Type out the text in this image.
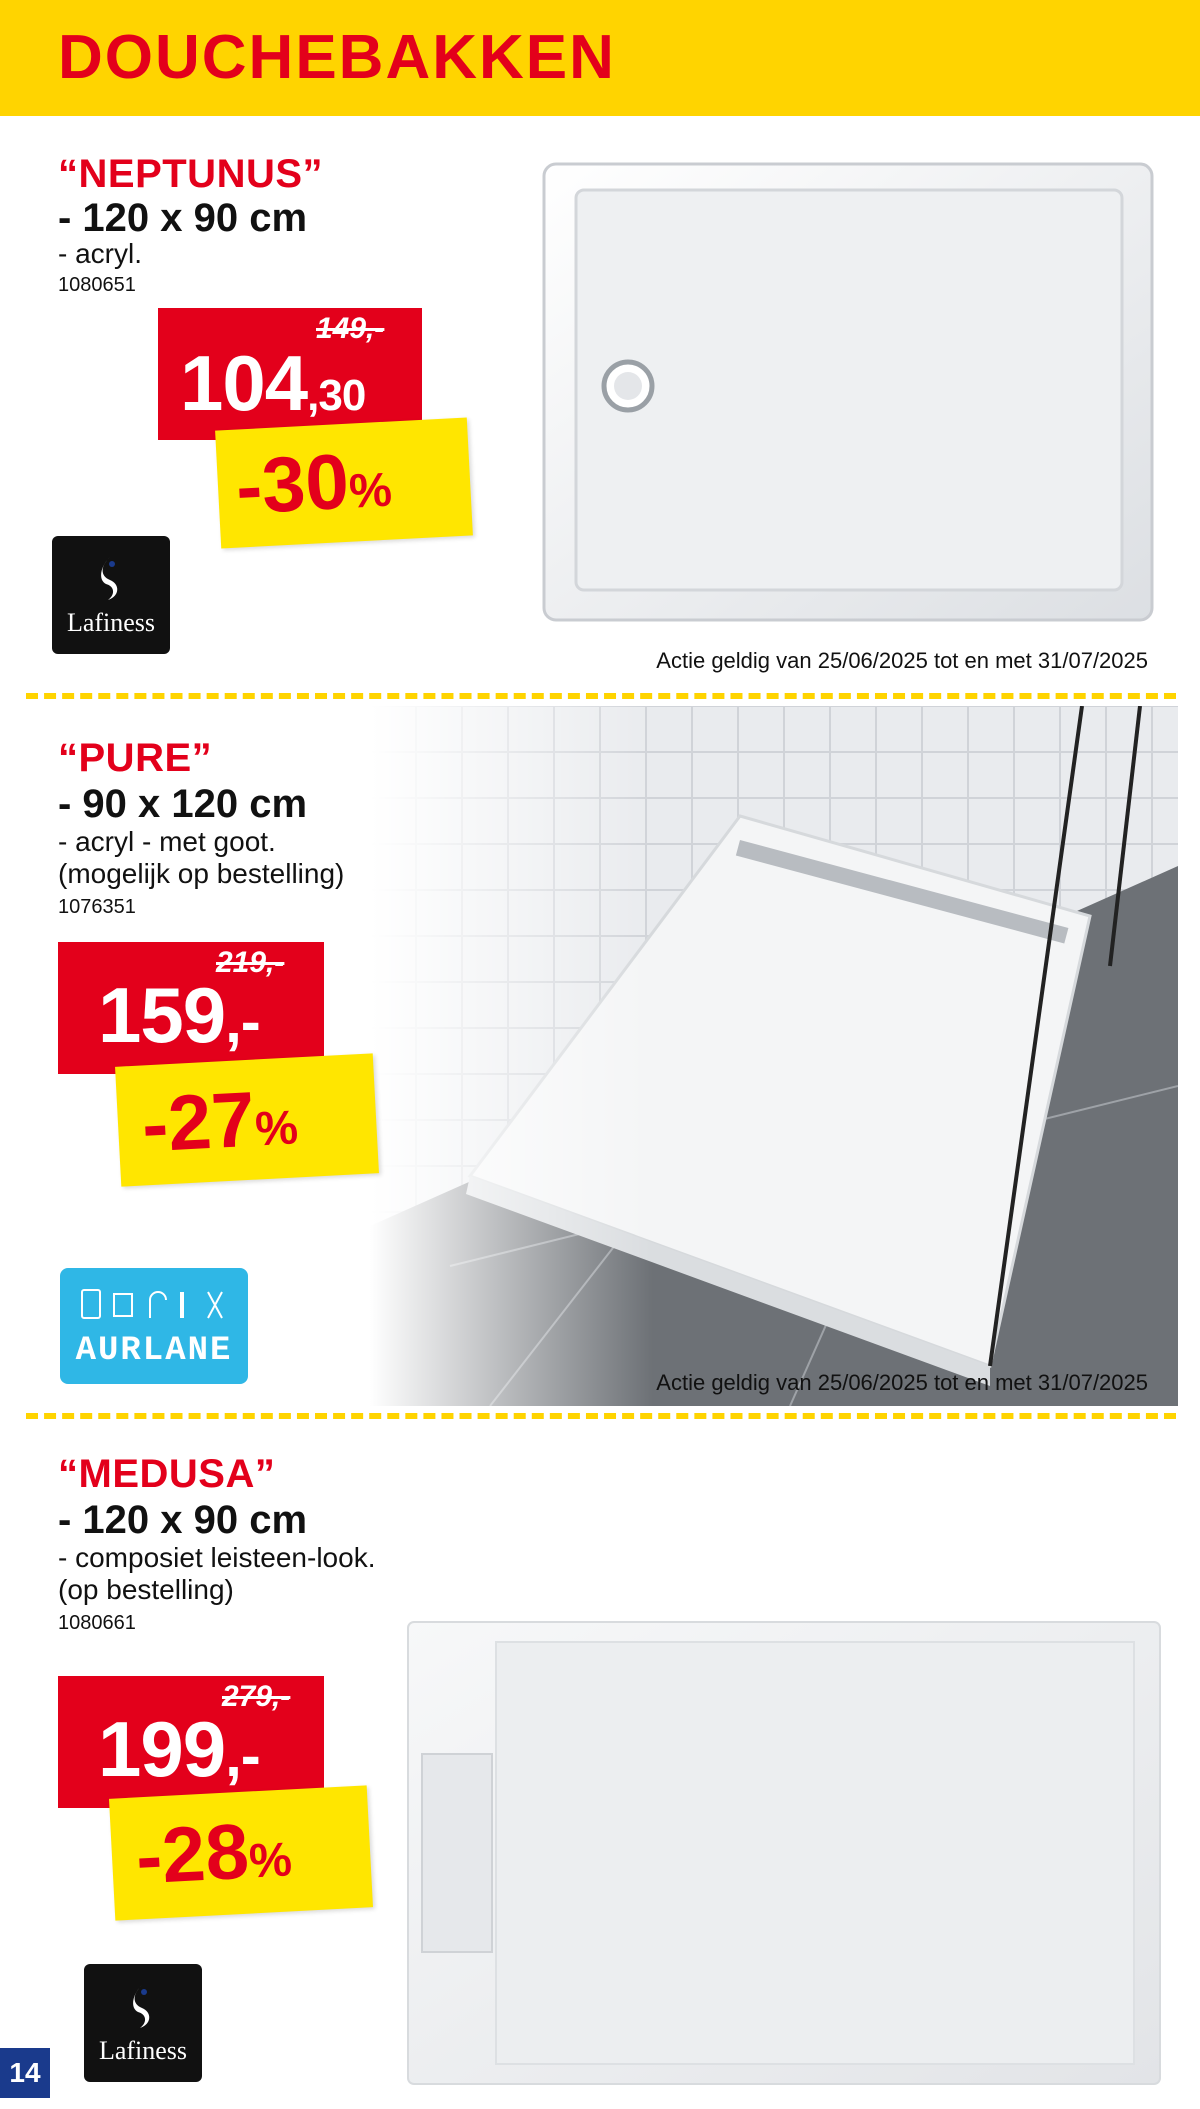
DOUCHEBAKKEN
“NEPTUNUS”
- 120 x 90 cm
- acryl.
1080651
149,-
104,30
-30%
Lafiness
Actie geldig van 25/06/2025 tot en met 31/07/2025
“PURE”
- 90 x 120 cm
- acryl - met goot.
(mogelijk op bestelling)
1076351
219,-
159,-
-27%
AURLANE
Actie geldig van 25/06/2025 tot en met 31/07/2025
“MEDUSA”
- 120 x 90 cm
- composiet leisteen-look.
(op bestelling)
1080661
279,-
199,-
-28%
Lafiness
14
